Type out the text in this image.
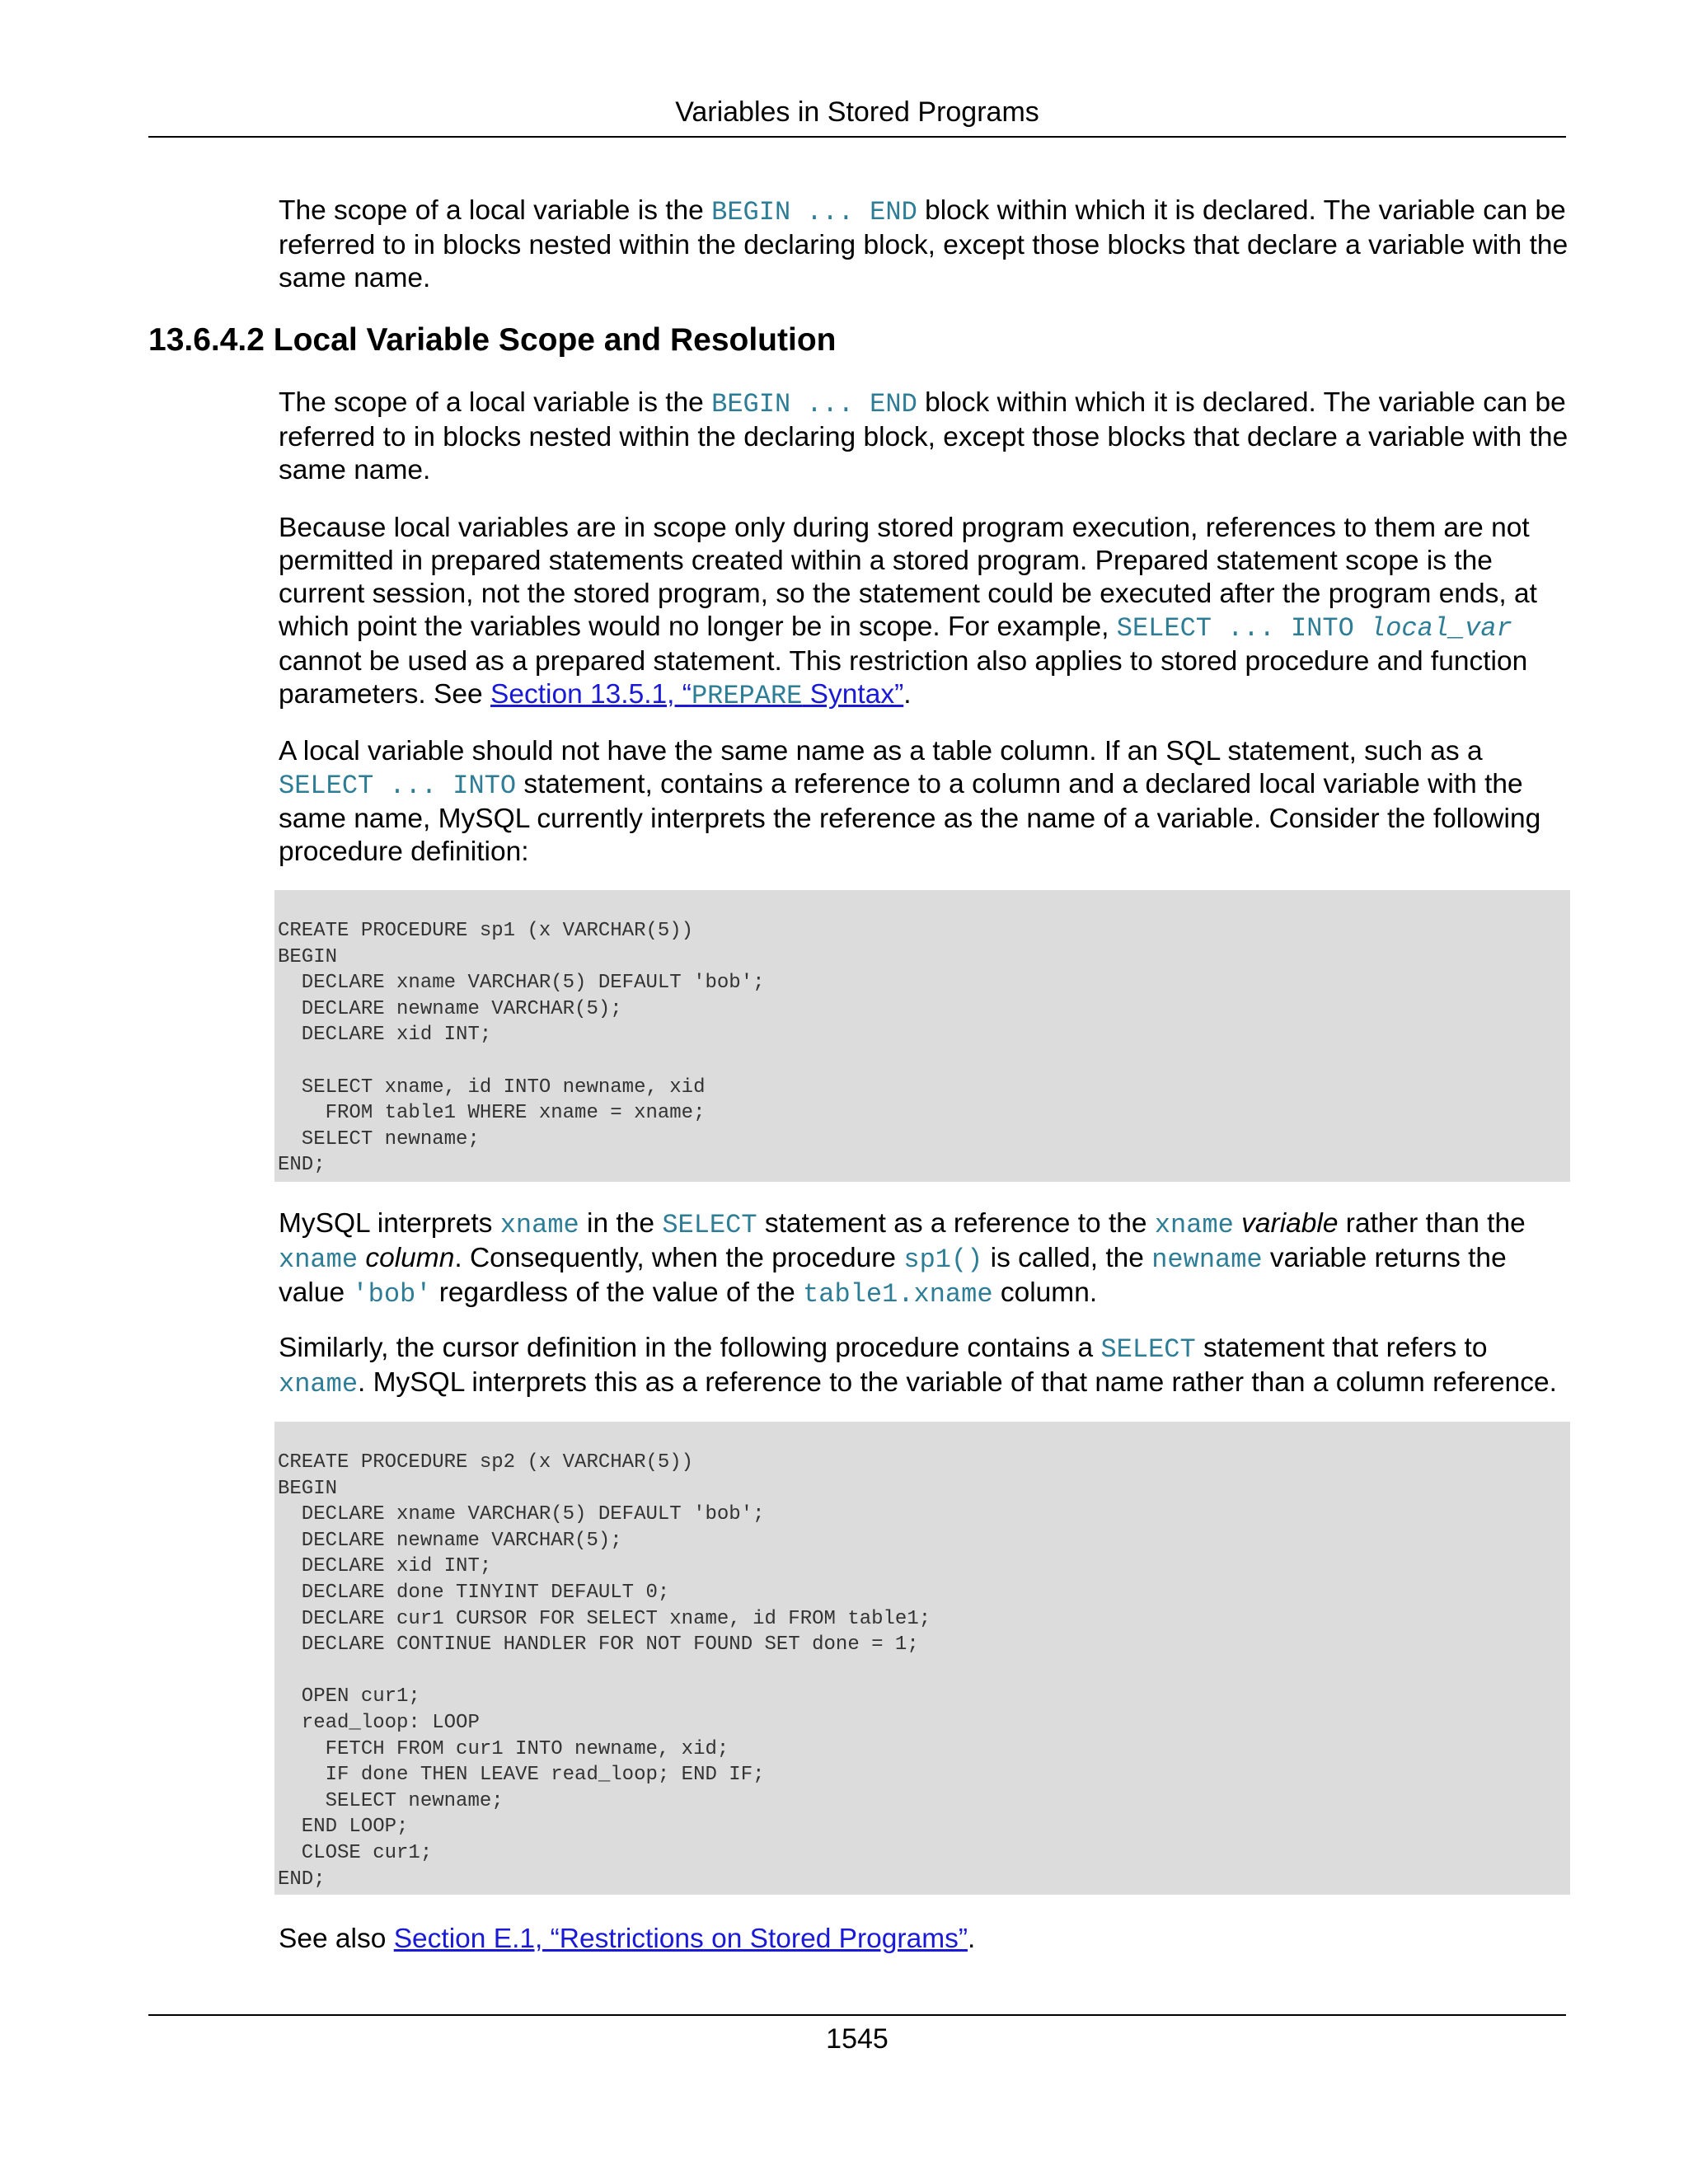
Variables in Stored Programs

The scope of a local variable is the BEGIN ... END block within which it is declared. The variable can be referred to in blocks nested within the declaring block, except those blocks that declare a variable with the same name.

13.6.4.2 Local Variable Scope and Resolution

The scope of a local variable is the BEGIN ... END block within which it is declared. The variable can be referred to in blocks nested within the declaring block, except those blocks that declare a variable with the same name.

Because local variables are in scope only during stored program execution, references to them are not permitted in prepared statements created within a stored program. Prepared statement scope is the current session, not the stored program, so the statement could be executed after the program ends, at which point the variables would no longer be in scope. For example, SELECT ... INTO local_var cannot be used as a prepared statement. This restriction also applies to stored procedure and function parameters. See Section 13.5.1, “PREPARE Syntax”.

A local variable should not have the same name as a table column. If an SQL statement, such as a SELECT ... INTO statement, contains a reference to a column and a declared local variable with the same name, MySQL currently interprets the reference as the name of a variable. Consider the following procedure definition:

CREATE PROCEDURE sp1 (x VARCHAR(5))
BEGIN
DECLARE xname VARCHAR(5) DEFAULT 'bob';
DECLARE newname VARCHAR(5);
DECLARE xid INT;

SELECT xname, id INTO newname, xid
FROM table1 WHERE xname = xname;
SELECT newname;
END;

MySQL interprets xname in the SELECT statement as a reference to the xname variable rather than the xname column. Consequently, when the procedure sp1() is called, the newname variable returns the value 'bob' regardless of the value of the table1.xname column.

Similarly, the cursor definition in the following procedure contains a SELECT statement that refers to xname. MySQL interprets this as a reference to the variable of that name rather than a column reference.

CREATE PROCEDURE sp2 (x VARCHAR(5))
BEGIN
DECLARE xname VARCHAR(5) DEFAULT 'bob';
DECLARE newname VARCHAR(5);
DECLARE xid INT;
DECLARE done TINYINT DEFAULT 0;
DECLARE cur1 CURSOR FOR SELECT xname, id FROM table1;
DECLARE CONTINUE HANDLER FOR NOT FOUND SET done = 1;

OPEN cur1;
read_loop: LOOP
FETCH FROM cur1 INTO newname, xid;
IF done THEN LEAVE read_loop; END IF;
SELECT newname;
END LOOP;
CLOSE cur1;
END;

See also Section E.1, “Restrictions on Stored Programs”.

1545
